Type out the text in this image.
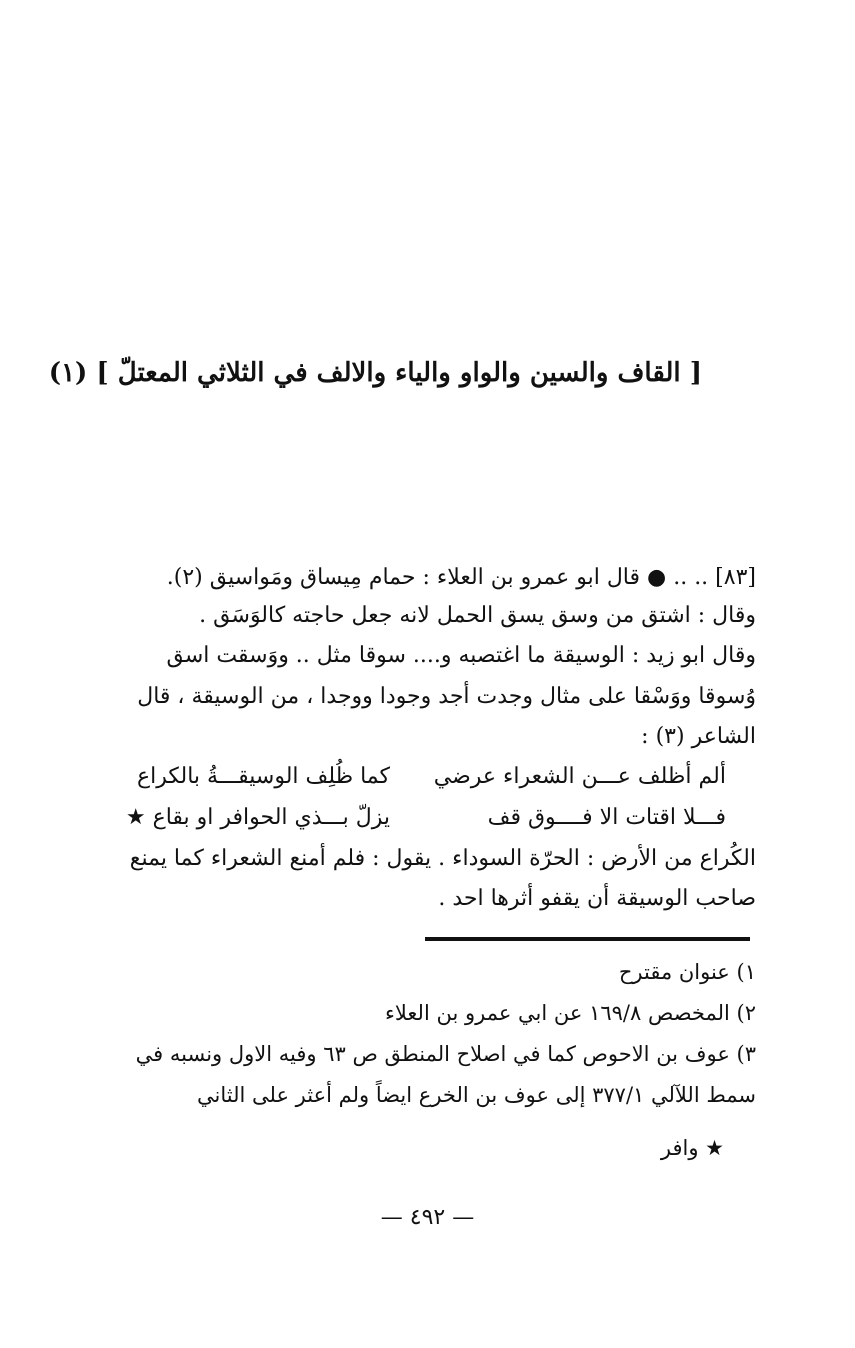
[ القاف والسين والواو والياء والالف في الثلاثي المعتلّ ] (١)
[٨٣] .. .. ● قال ابو عمرو بن العلاء : حمام مِيساق ومَواسيق (٢).
وقال : اشتق من وسق يسق الحمل لانه جعل حاجته كالوَسَق .
وقال ابو زيد : الوسيقة ما اغتصبه و.... سوقا مثل .. ووَسقت اسق
وُسوقا ووَسْقا على مثال وجدت أجد وجودا ووجدا ، من الوسيقة ، قال
الشاعر (٣) :
ألم أظلف عـــن الشعراء عرضي
كما ظُلِف الوسيقـــةُ بالكراع
فـــلا اقتات الا فــــوق قف
يزلّ بـــذي الحوافر او بقاع ★
الكُراع من الأرض : الحرّة السوداء . يقول : فلم أمنع الشعراء كما يمنع
صاحب الوسيقة أن يقفو أثرها احد .
١) عنوان مقترح
٢) المخصص ١٦٩/٨ عن ابي عمرو بن العلاء
٣) عوف بن الاحوص كما في اصلاح المنطق ص ٦٣ وفيه الاول ونسبه في
سمط اللآلي ٣٧٧/١ إلى عوف بن الخرع ايضاً ولم أعثر على الثاني
★ وافر
— ٤٩٢ —
